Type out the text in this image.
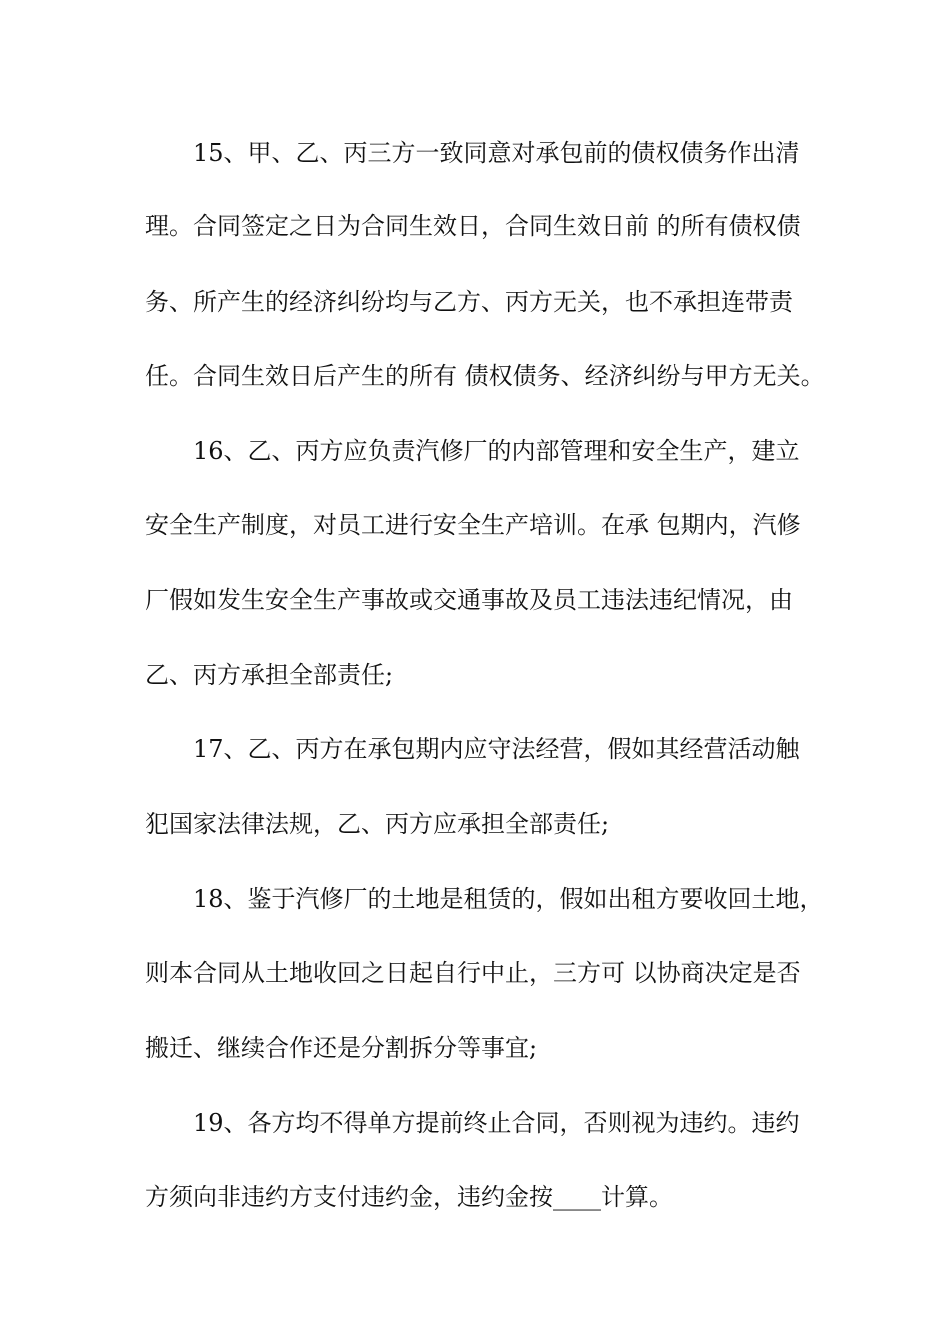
15、甲、乙、丙三方一致同意对承包前的债权债务作出清
理。合同签定之日为合同生效日，合同生效日前 的所有债权债
务、所产生的经济纠纷均与乙方、丙方无关，也不承担连带责
任。合同生效日后产生的所有 债权债务、经济纠纷与甲方无关。
16、乙、丙方应负责汽修厂的内部管理和安全生产，建立
安全生产制度，对员工进行安全生产培训。在承 包期内，汽修
厂假如发生安全生产事故或交通事故及员工违法违纪情况，由
乙、丙方承担全部责任;
17、乙、丙方在承包期内应守法经营，假如其经营活动触
犯国家法律法规，乙、丙方应承担全部责任;
18、鉴于汽修厂的土地是租赁的，假如出租方要收回土地，
则本合同从土地收回之日起自行中止，三方可 以协商决定是否
搬迁、继续合作还是分割拆分等事宜;
19、各方均不得单方提前终止合同，否则视为违约。违约
方须向非违约方支付违约金，违约金按____计算。
